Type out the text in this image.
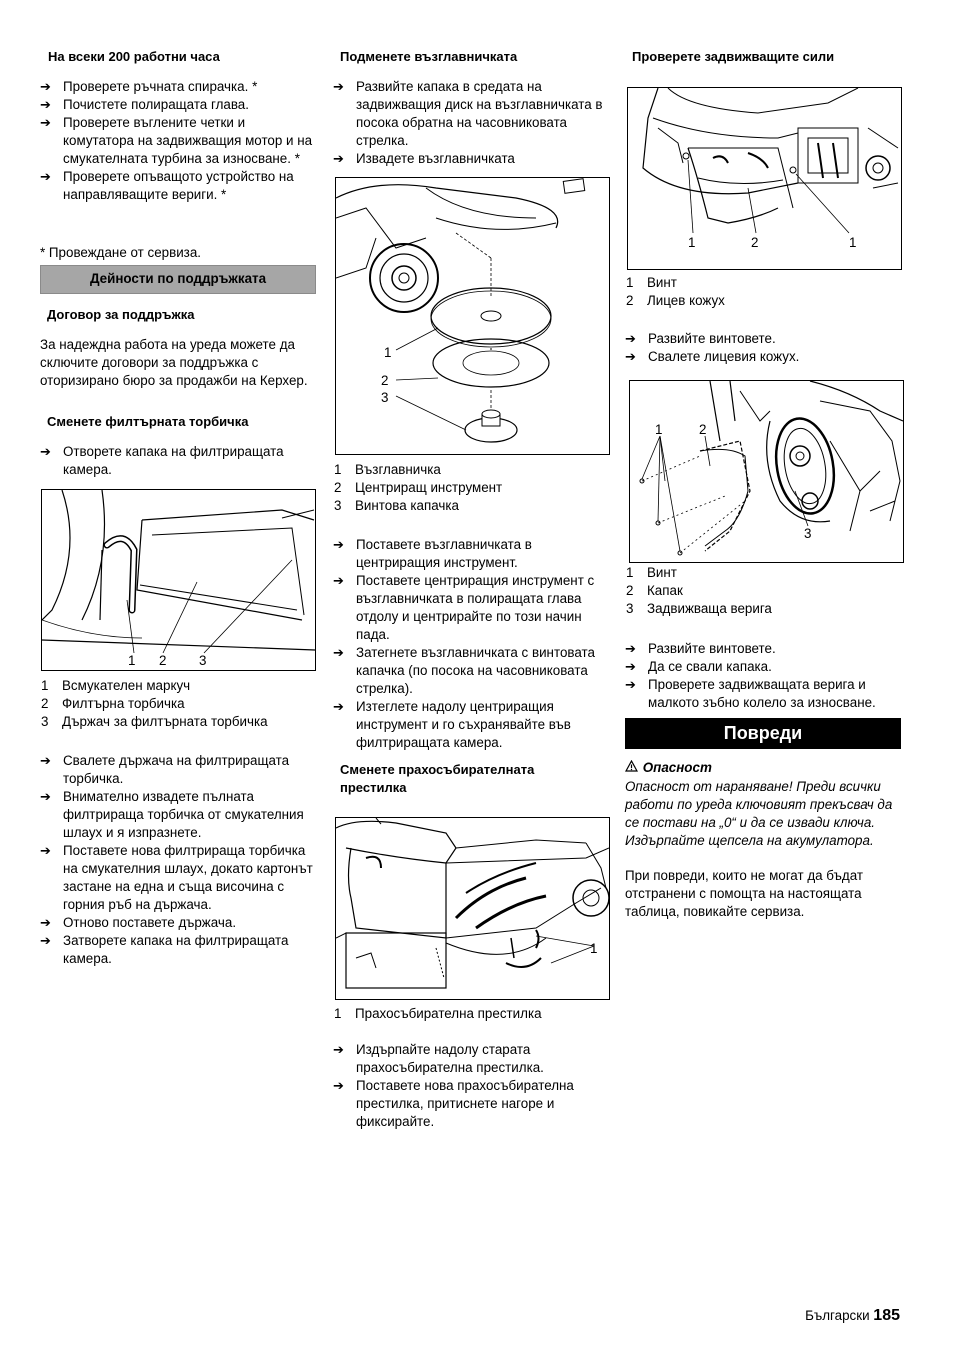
На всеки 200 работни часа
➔ Проверете ръчната спирачка. *
➔ Почистете полиращата глава.
➔ Проверете въглените четки и комутатора на задвижващия мотор и на смукателната турбина за износване. *
➔ Проверете опъващото устройство на направляващите вериги. *
* Провеждане от сервиза.
Дейности по поддръжката
Договор за поддръжка
За надеждна работа на уреда можете да сключите договори за поддръжка с оторизирано бюро за продажби на Керхер.
Сменете филтърната торбичка
➔ Отворете капака на филтриращата камера.
1 2 3
1 Всмукателен маркуч
2 Филтърна торбичка
3 Държач за филтърната торбичка
➔ Свалете държача на филтриращата торбичка.
➔ Внимателно извадете пълната филтрираща торбичка от смукателния шлаух и я изпразнете.
➔ Поставете нова филтрираща торбичка на смукателния шлаух, докато картонът застане на една и съща височина с горния ръб на държача.
➔ Отново поставете държача.
➔ Затворете капака на филтриращата камера.
Подменете възглавничката
➔ Развийте капака в средата на задвижващия диск на възглавничката в посока обратна на часовниковата стрелка.
➔ Извадете възглавничката
1
2
3
1 Възглавничка
2 Центриращ инструмент
3 Винтова капачка
➔ Поставете възглавничката в центриращия инструмент.
➔ Поставете центриращия инструмент с възглавничката в полиращата глава отдолу и центрирайте по този начин пада.
➔ Затегнете възглавничката с винтовата капачка (по посока на часовниковата стрелка).
➔ Изтеглете надолу центриращия инструмент и го съхранявайте във филтриращата камера.
Сменете прахосъбирателната престилка
1
1 Прахосъбирателна престилка
➔ Издърпайте надолу старата прахосъбирателна престилка.
➔ Поставете нова прахосъбирателна престилка, притиснете нагоре и фиксирайте.
Проверете задвижващите сили
1	2	1
1 Винт
2 Лицев кожух
➔ Развийте винтовете.
➔ Свалете лицевия кожух.
1	2
3
1 Винт
2 Капак
3 Задвижваща верига
➔ Развийте винтовете.
➔ Да се свали капака.
➔ Проверете задвижващата верига и малкото зъбно колело за износване.
Повреди
Опасност
Опасност от нараняване! Преди всички работи по уреда ключовият прекъсвач да се постави на „0“ и да се извади ключа. Издърпайте щепсела на акумулатора.
При повреди, които не могат да бъдат отстранени с помощта на настоящата таблица, повикайте сервиза.
Български 185
